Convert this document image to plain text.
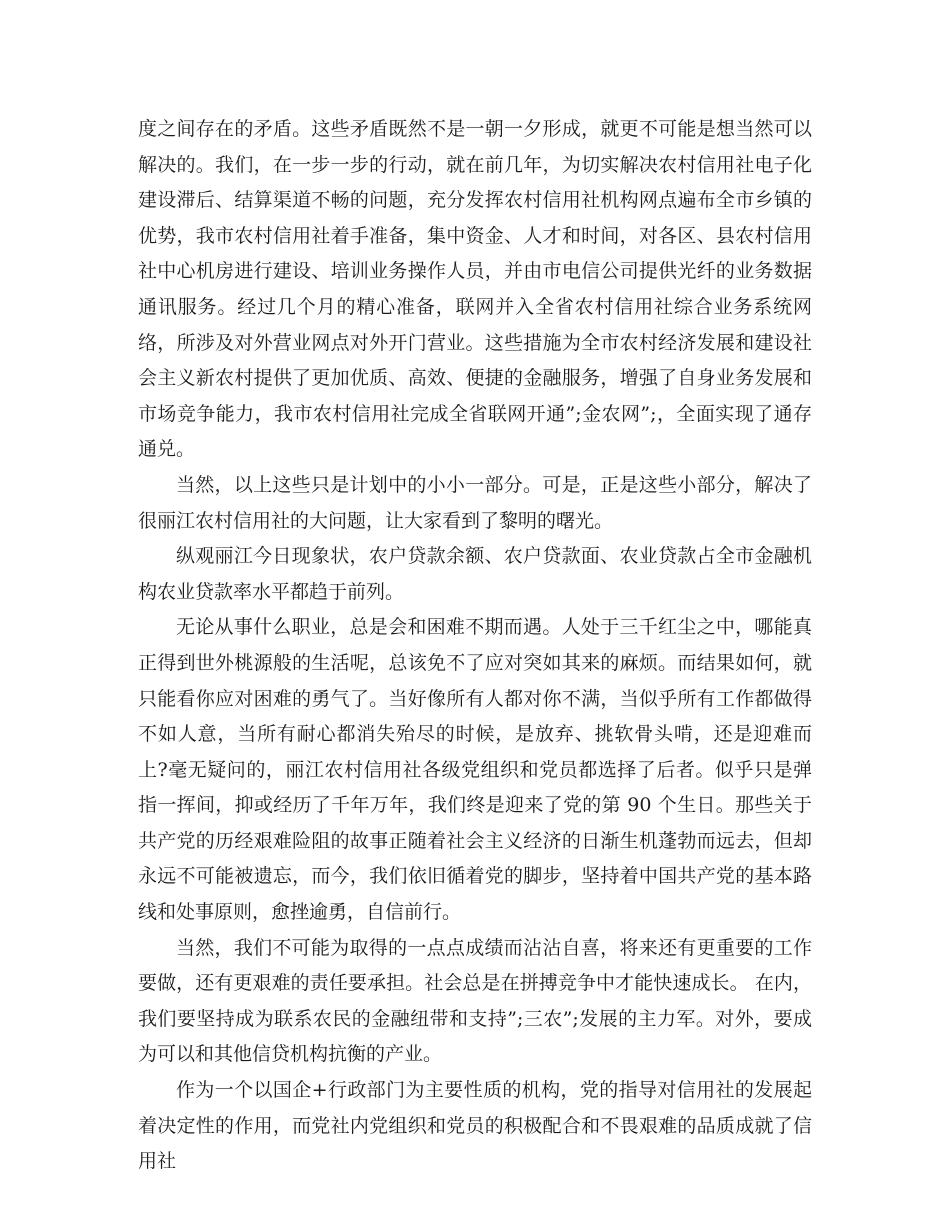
度之间存在的矛盾。这些矛盾既然不是一朝一夕形成，就更不可能是想当然可以解决的。我们，在一步一步的行动，就在前几年，为切实解决农村信用社电子化建设滞后、结算渠道不畅的问题，充分发挥农村信用社机构网点遍布全市乡镇的优势，我市农村信用社着手准备，集中资金、人才和时间，对各区、县农村信用社中心机房进行建设、培训业务操作人员，并由市电信公司提供光纤的业务数据通讯服务。经过几个月的精心准备，联网并入全省农村信用社综合业务系统网络，所涉及对外营业网点对外开门营业。这些措施为全市农村经济发展和建设社会主义新农村提供了更加优质、高效、便捷的金融服务，增强了自身业务发展和市场竞争能力，我市农村信用社完成全省联网开通”;金农网”;，全面实现了通存通兑。

当然，以上这些只是计划中的小小一部分。可是，正是这些小部分，解决了很丽江农村信用社的大问题，让大家看到了黎明的曙光。

纵观丽江今日现象状，农户贷款余额、农户贷款面、农业贷款占全市金融机构农业贷款率水平都趋于前列。

无论从事什么职业，总是会和困难不期而遇。人处于三千红尘之中，哪能真正得到世外桃源般的生活呢，总该免不了应对突如其来的麻烦。而结果如何，就只能看你应对困难的勇气了。当好像所有人都对你不满，当似乎所有工作都做得不如人意，当所有耐心都消失殆尽的时候，是放弃、挑软骨头啃，还是迎难而上?毫无疑问的，丽江农村信用社各级党组织和党员都选择了后者。似乎只是弹指一挥间，抑或经历了千年万年，我们终是迎来了党的第 90 个生日。那些关于共产党的历经艰难险阻的故事正随着社会主义经济的日渐生机蓬勃而远去，但却永远不可能被遗忘，而今，我们依旧循着党的脚步，坚持着中国共产党的基本路线和处事原则，愈挫逾勇，自信前行。

当然，我们不可能为取得的一点点成绩而沾沾自喜，将来还有更重要的工作要做，还有更艰难的责任要承担。社会总是在拼搏竞争中才能快速成长。 在内，我们要坚持成为联系农民的金融纽带和支持”;三农”;发展的主力军。对外，要成为可以和其他信贷机构抗衡的产业。

作为一个以国企+行政部门为主要性质的机构，党的指导对信用社的发展起着决定性的作用，而党社内党组织和党员的积极配合和不畏艰难的品质成就了信用社
